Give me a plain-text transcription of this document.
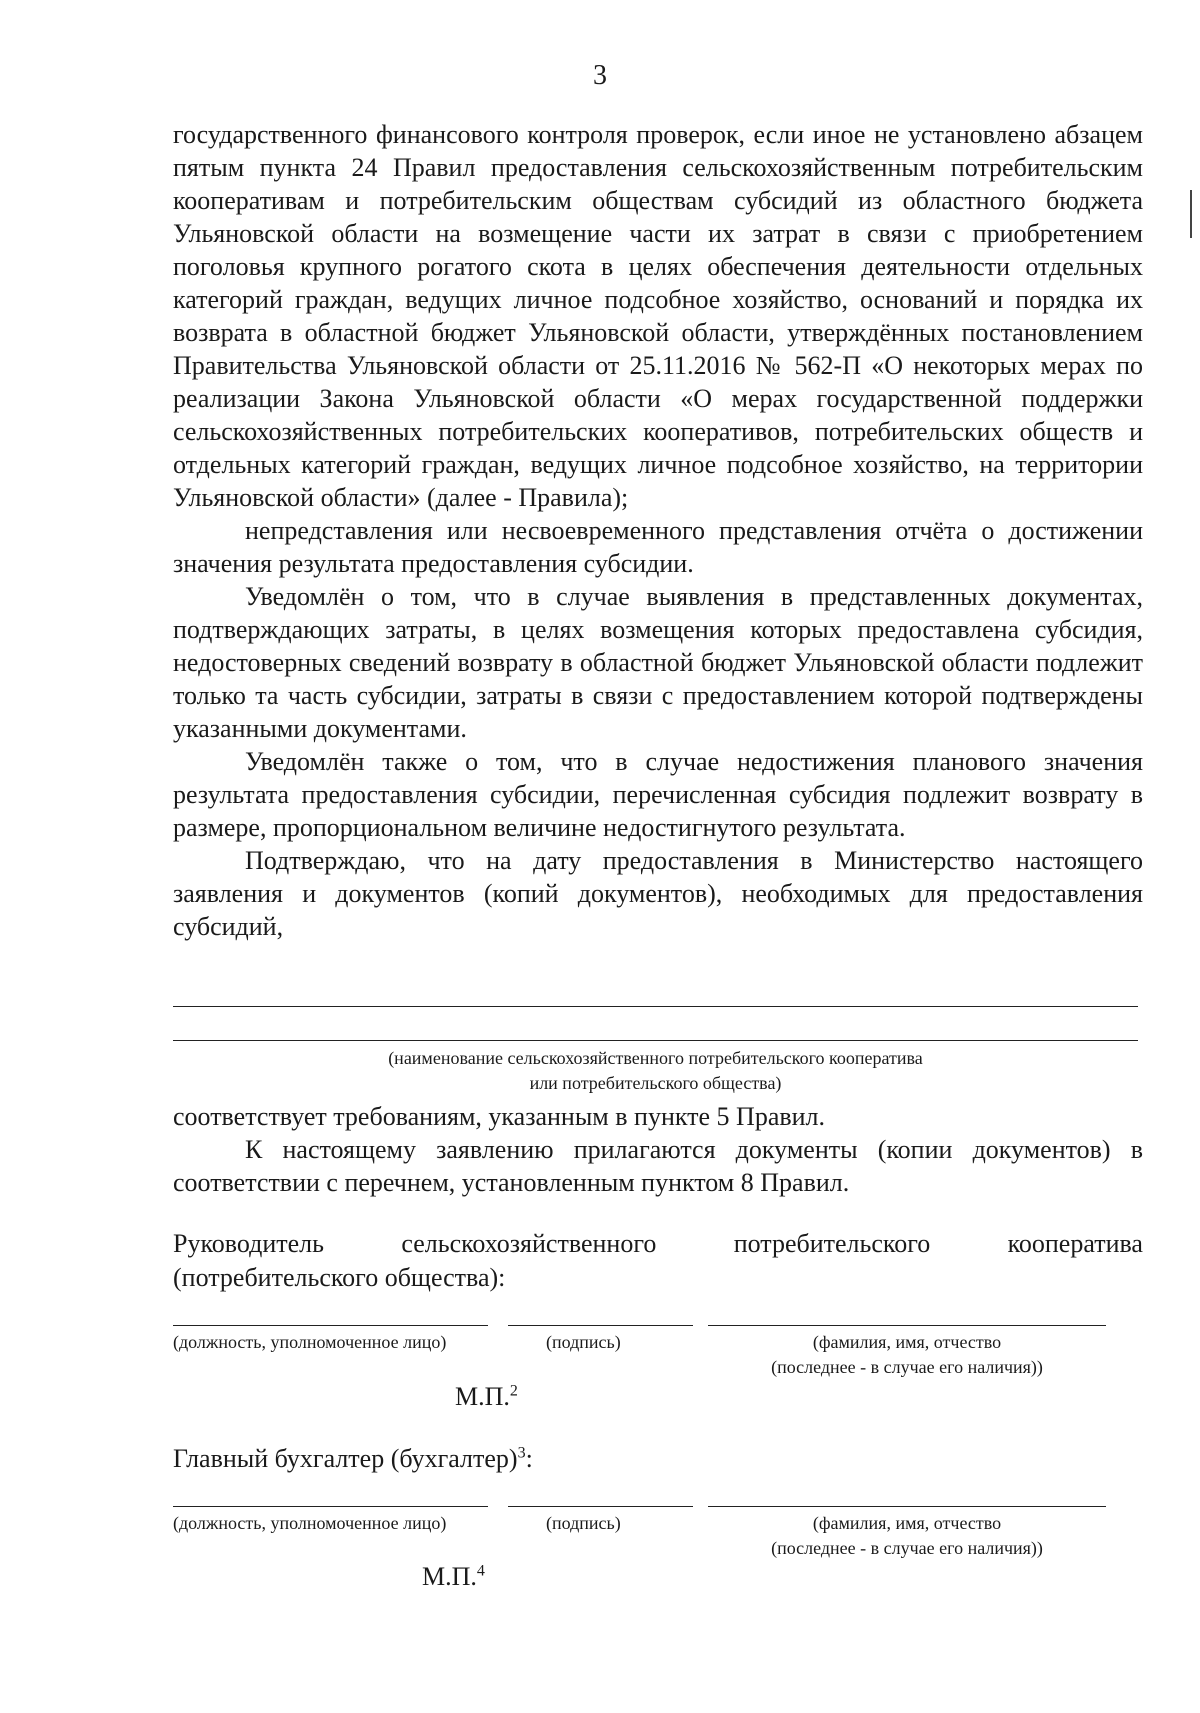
3

государственного финансового контроля проверок, если иное не установлено абзацем пятым пункта 24 Правил предоставления сельскохозяйственным потребительским кооперативам и потребительским обществам субсидий из областного бюджета Ульяновской области на возмещение части их затрат в связи с приобретением поголовья крупного рогатого скота в целях обеспечения деятельности отдельных категорий граждан, ведущих личное подсобное хозяйство, оснований и порядка их возврата в областной бюджет Ульяновской области, утверждённых постановлением Правительства Ульяновской области от 25.11.2016 № 562-П «О некоторых мерах по реализации Закона Ульяновской области «О мерах государственной поддержки сельскохозяйственных потребительских кооперативов, потребительских обществ и отдельных категорий граждан, ведущих личное подсобное хозяйство, на территории Ульяновской области» (далее - Правила);

непредставления или несвоевременного представления отчёта о достижении значения результата предоставления субсидии.

Уведомлён о том, что в случае выявления в представленных документах, подтверждающих затраты, в целях возмещения которых предоставлена субсидия, недостоверных сведений возврату в областной бюджет Ульяновской области подлежит только та часть субсидии, затраты в связи с предоставлением которой подтверждены указанными документами.

Уведомлён также о том, что в случае недостижения планового значения результата предоставления субсидии, перечисленная субсидия подлежит возврату в размере, пропорциональном величине недостигнутого результата.

Подтверждаю, что на дату предоставления в Министерство настоящего заявления и документов (копий документов), необходимых для предоставления субсидий,

(наименование сельскохозяйственного потребительского кооператива
или потребительского общества)

соответствует требованиям, указанным в пункте 5 Правил.

К настоящему заявлению прилагаются документы (копии документов) в соответствии с перечнем, установленным пунктом 8 Правил.

Руководитель	сельскохозяйственного	потребительского	кооператива
(потребительского общества):
(должность, уполномоченное лицо)	(подпись)	(фамилия, имя, отчество
(последнее - в случае его наличия))
М.П.$^2$
Главный бухгалтер (бухгалтер)$^3$:
(должность, уполномоченное лицо)	(подпись)	(фамилия, имя, отчество
(последнее - в случае его наличия))
М.П.$^4$
